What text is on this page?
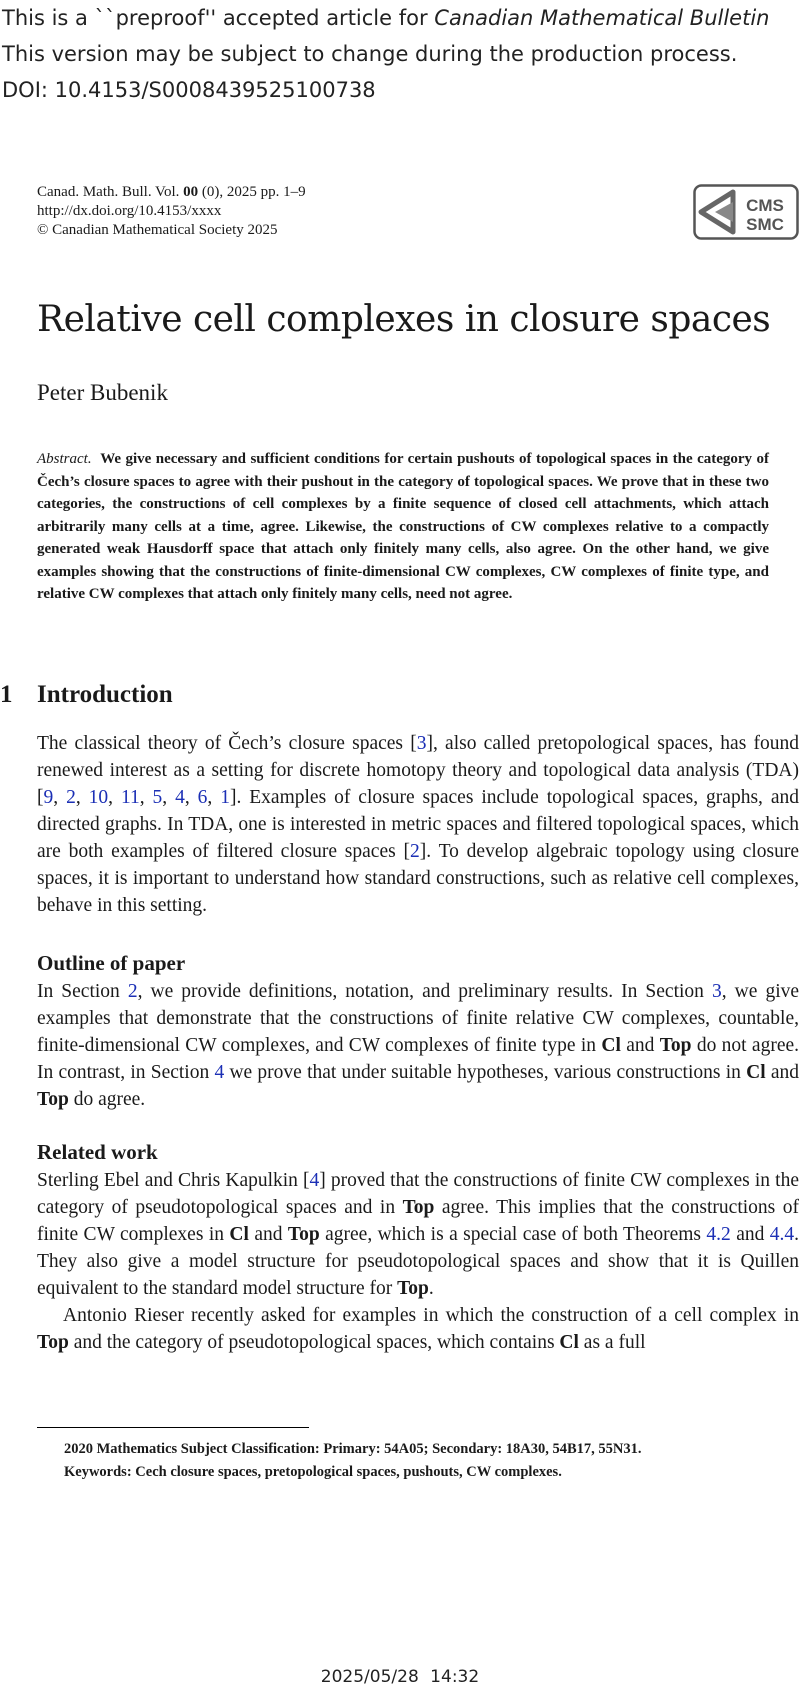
This is a ``preproof'' accepted article for Canadian Mathematical Bulletin
This version may be subject to change during the production process.
DOI: 10.4153/S0008439525100738
Canad. Math. Bull. Vol. 00 (0), 2025 pp. 1–9
http://dx.doi.org/10.4153/xxxx
© Canadian Mathematical Society 2025
CMS
SMC
Relative cell complexes in closure spaces
Peter Bubenik

Abstract. We give necessary and sufficient conditions for certain pushouts of topological spaces in the category of Čech’s closure spaces to agree with their pushout in the category of topological spaces. We prove that in these two categories, the constructions of cell complexes by a finite sequence of closed cell attachments, which attach arbitrarily many cells at a time, agree. Likewise, the constructions of CW complexes relative to a compactly generated weak Hausdorff space that attach only finitely many cells, also agree. On the other hand, we give examples showing that the constructions of finite-dimensional CW complexes, CW complexes of finite type, and relative CW complexes that attach only finitely many cells, need not agree.

1 Introduction

The classical theory of Čech’s closure spaces [3], also called pretopological spaces, has found renewed interest as a setting for discrete homotopy theory and topological data analysis (TDA) [9, 2, 10, 11, 5, 4, 6, 1]. Examples of closure spaces include topological spaces, graphs, and directed graphs. In TDA, one is interested in metric spaces and filtered topological spaces, which are both examples of filtered closure spaces [2]. To develop algebraic topology using closure spaces, it is important to understand how standard constructions, such as relative cell complexes, behave in this setting.

Outline of paper

In Section 2, we provide definitions, notation, and preliminary results. In Section 3, we give examples that demonstrate that the constructions of finite relative CW complexes, countable, finite-dimensional CW complexes, and CW complexes of finite type in Cl and Top do not agree. In contrast, in Section 4 we prove that under suitable hypotheses, various constructions in Cl and Top do agree.

Related work

Sterling Ebel and Chris Kapulkin [4] proved that the constructions of finite CW complexes in the category of pseudotopological spaces and in Top agree. This implies that the constructions of finite CW complexes in Cl and Top agree, which is a special case of both Theorems 4.2 and 4.4. They also give a model structure for pseudotopological spaces and show that it is Quillen equivalent to the standard model structure for Top.
Antonio Rieser recently asked for examples in which the construction of a cell complex in Top and the category of pseudotopological spaces, which contains Cl as a full

2020 Mathematics Subject Classification: Primary: 54A05; Secondary: 18A30, 54B17, 55N31.
Keywords: Cech closure spaces, pretopological spaces, pushouts, CW complexes.
2025/05/28 14:32
